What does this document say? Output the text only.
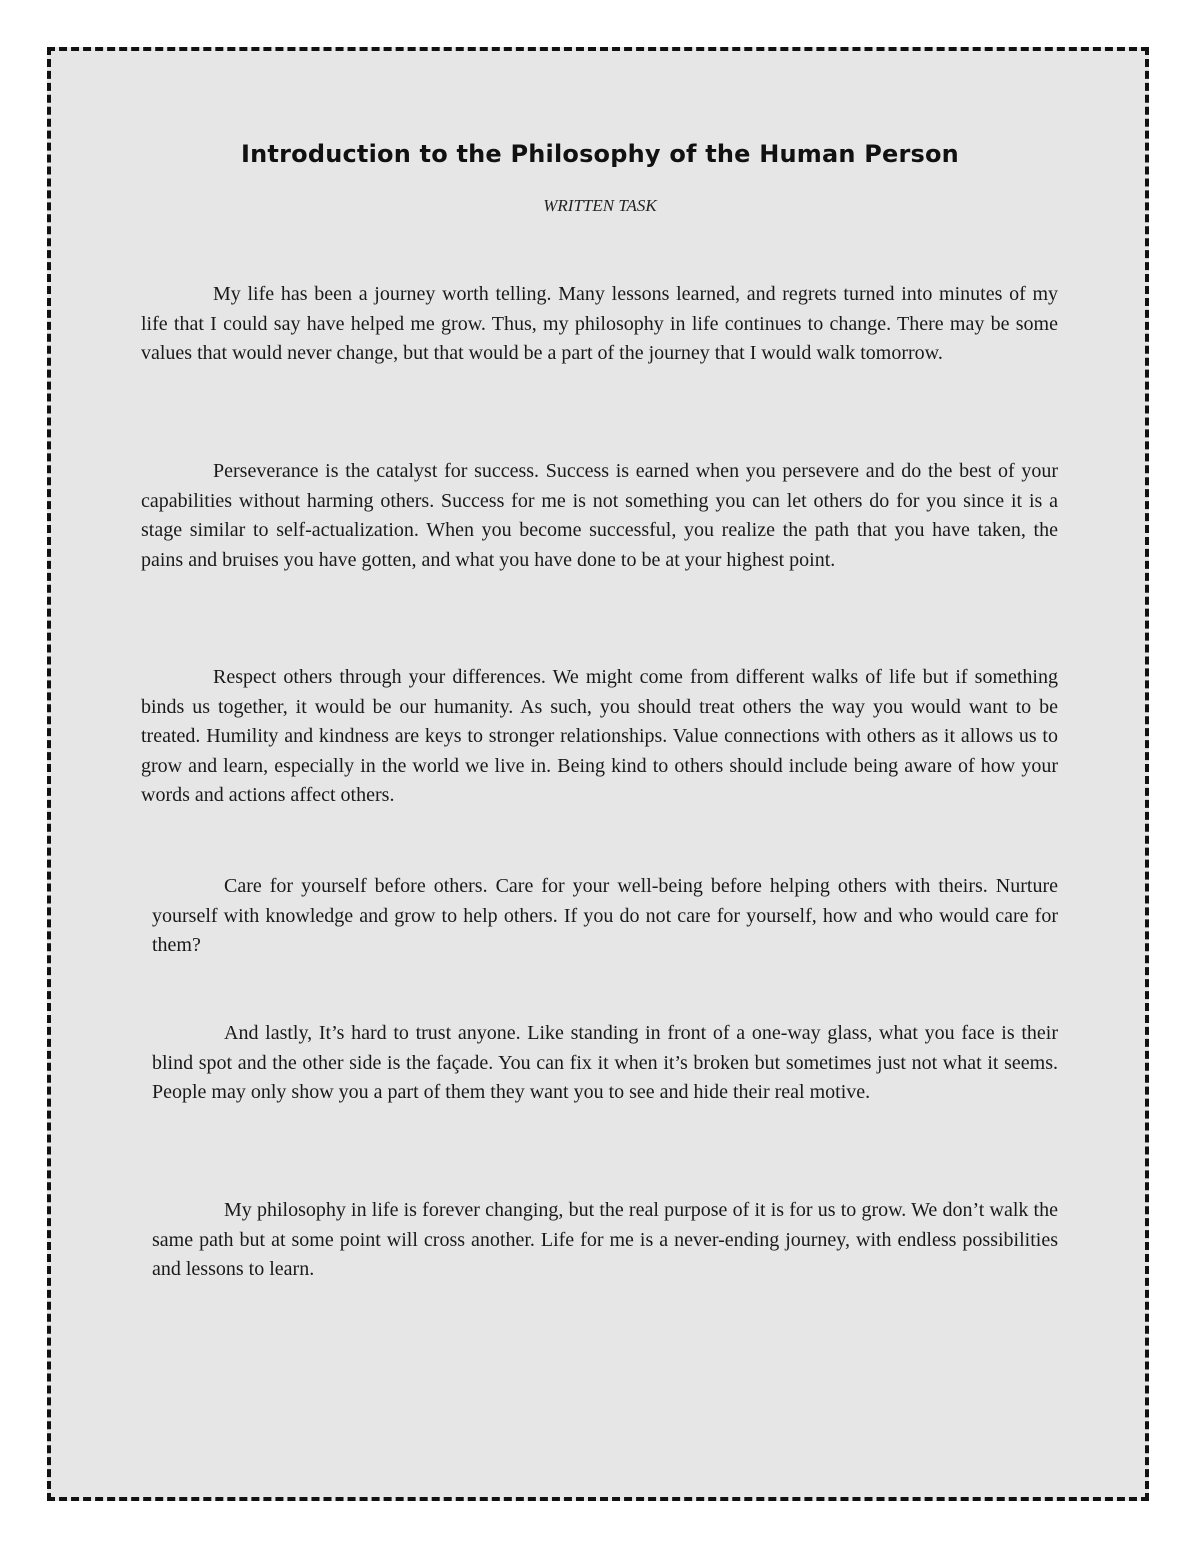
Introduction to the Philosophy of the Human Person

WRITTEN TASK

My life has been a journey worth telling. Many lessons learned, and regrets turned into minutes of my life that I could say have helped me grow. Thus, my philosophy in life continues to change. There may be some values that would never change, but that would be a part of the journey that I would walk tomorrow.

Perseverance is the catalyst for success. Success is earned when you persevere and do the best of your capabilities without harming others. Success for me is not something you can let others do for you since it is a stage similar to self-actualization. When you become successful, you realize the path that you have taken, the pains and bruises you have gotten, and what you have done to be at your highest point.

Respect others through your differences. We might come from different walks of life but if something binds us together, it would be our humanity. As such, you should treat others the way you would want to be treated. Humility and kindness are keys to stronger relationships. Value connections with others as it allows us to grow and learn, especially in the world we live in. Being kind to others should include being aware of how your words and actions affect others.

Care for yourself before others. Care for your well-being before helping others with theirs. Nurture yourself with knowledge and grow to help others. If you do not care for yourself, how and who would care for them?

And lastly, It’s hard to trust anyone. Like standing in front of a one-way glass, what you face is their blind spot and the other side is the façade. You can fix it when it’s broken but sometimes just not what it seems. People may only show you a part of them they want you to see and hide their real motive.

My philosophy in life is forever changing, but the real purpose of it is for us to grow. We don’t walk the same path but at some point will cross another. Life for me is a never-ending journey, with endless possibilities and lessons to learn.
